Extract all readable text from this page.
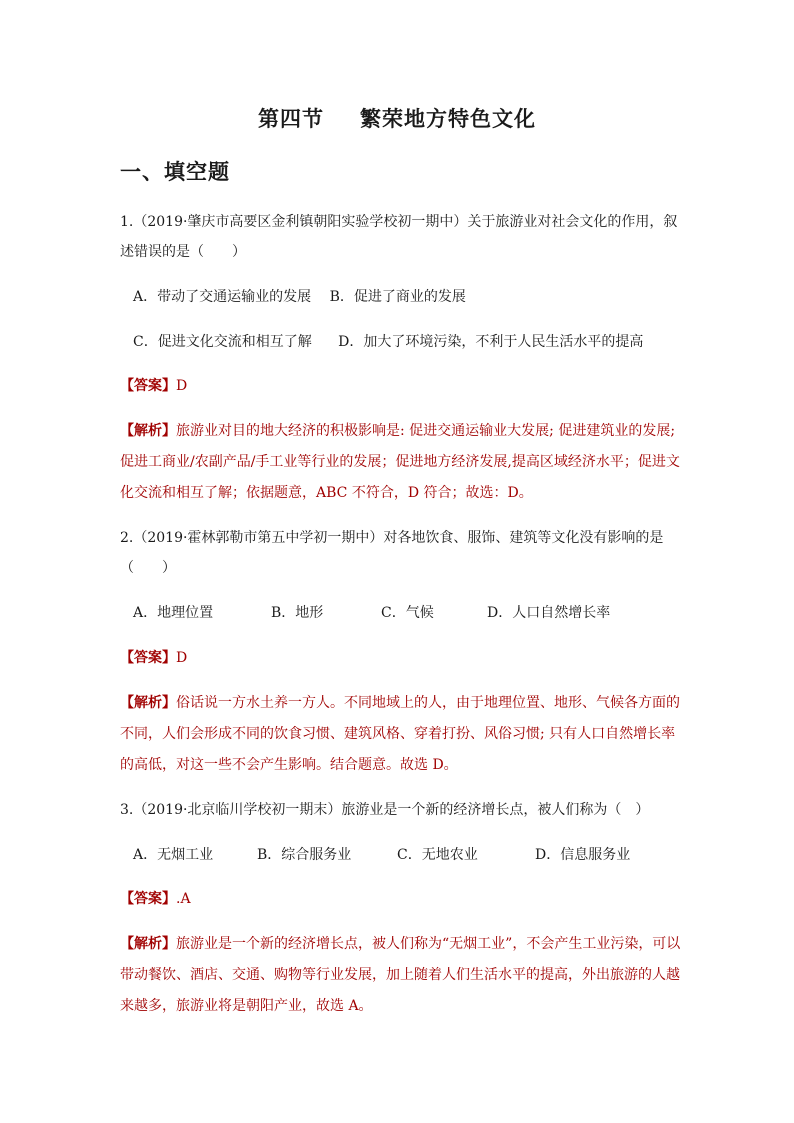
第四节 繁荣地方特色文化
一、填空题
1.（2019·肇庆市高要区金利镇朝阳实验学校初一期中）关于旅游业对社会文化的作用，叙
述错误的是（　　）
A．带动了交通运输业的发展 B．促进了商业的发展
C．促进文化交流和相互了解 D．加大了环境污染，不利于人民生活水平的提高
【答案】D
【解析】旅游业对目的地大经济的积极影响是: 促进交通运输业大发展; 促进建筑业的发展;
促进工商业/农副产品/手工业等行业的发展；促进地方经济发展,提高区域经济水平；促进文
化交流和相互了解；依据题意，ABC 不符合，D 符合；故选：D。
2.（2019·霍林郭勒市第五中学初一期中）对各地饮食、服饰、建筑等文化没有影响的是
（　　）
A．地理位置	B．地形	C．气候	D．人口自然增长率
【答案】D
【解析】俗话说一方水土养一方人。不同地域上的人，由于地理位置、地形、气候各方面的
不同，人们会形成不同的饮食习惯、建筑风格、穿着打扮、风俗习惯; 只有人口自然增长率
的高低，对这一些不会产生影响。结合题意。故选 D。
3.（2019·北京临川学校初一期末）旅游业是一个新的经济增长点，被人们称为（　）
A．无烟工业	B．综合服务业	C．无地农业	D．信息服务业
【答案】.A
【解析】旅游业是一个新的经济增长点，被人们称为“无烟工业”，不会产生工业污染，可以
带动餐饮、酒店、交通、购物等行业发展，加上随着人们生活水平的提高，外出旅游的人越
来越多，旅游业将是朝阳产业，故选 A。
